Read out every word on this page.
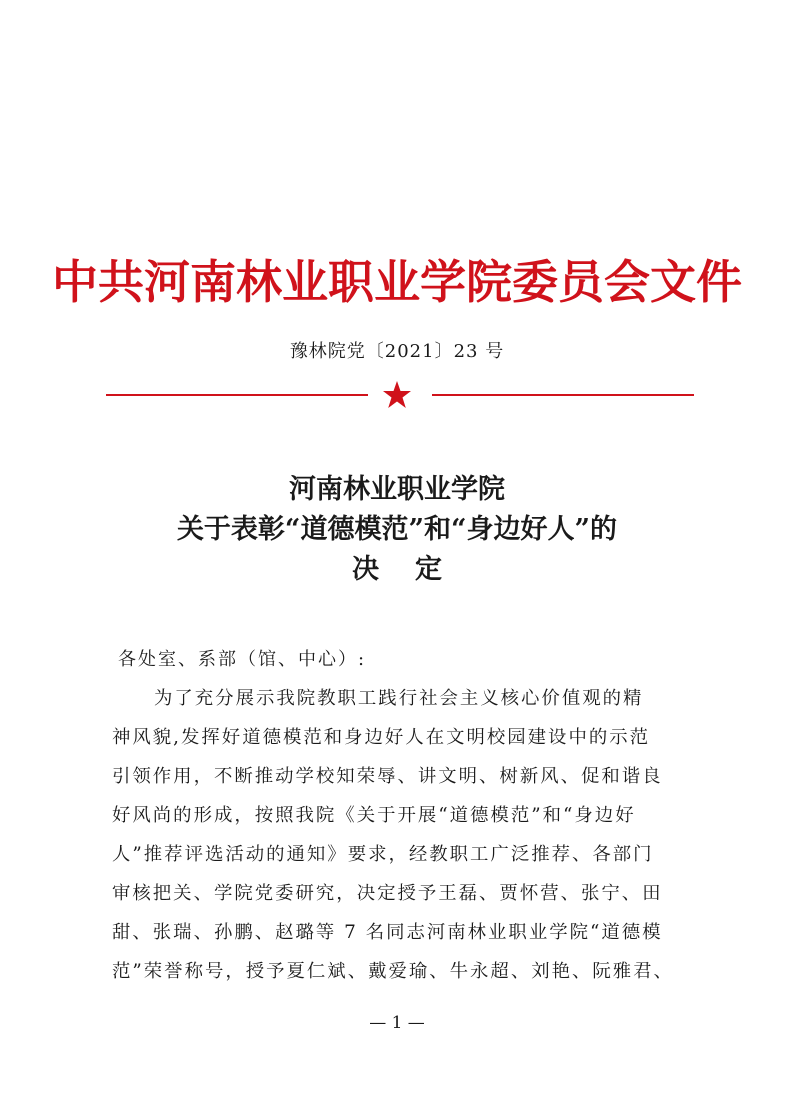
中共河南林业职业学院委员会文件
豫林院党〔2021〕23 号
河南林业职业学院
关于表彰“道德模范”和“身边好人”的
决定
各处室、系部（馆、中心）:
为了充分展示我院教职工践行社会主义核心价值观的精
神风貌,发挥好道德模范和身边好人在文明校园建设中的示范
引领作用，不断推动学校知荣辱、讲文明、树新风、促和谐良
好风尚的形成，按照我院《关于开展“道德模范”和“身边好
人”推荐评选活动的通知》要求，经教职工广泛推荐、各部门
审核把关、学院党委研究，决定授予王磊、贾怀营、张宁、田
甜、张瑞、孙鹏、赵璐等 7 名同志河南林业职业学院“道德模
范”荣誉称号，授予夏仁斌、戴爱瑜、牛永超、刘艳、阮雅君、
— 1 —
